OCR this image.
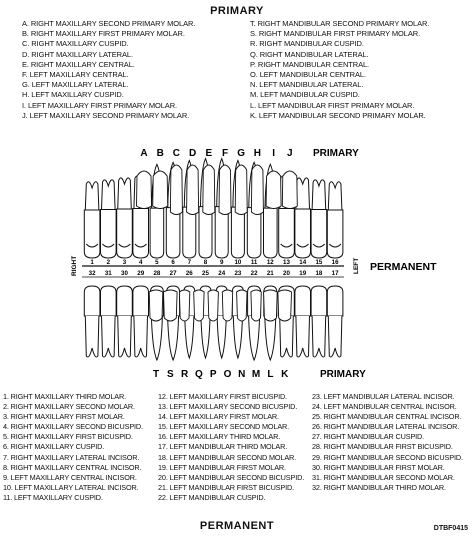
PRIMARY
A. RIGHT MAXILLARY SECOND PRIMARY MOLAR.
B. RIGHT MAXILLARY FIRST PRIMARY MOLAR.
C. RIGHT MAXILLARY CUSPID.
D. RIGHT MAXILLARY LATERAL.
E. RIGHT MAXILLARY CENTRAL.
F. LEFT MAXILLARY CENTRAL.
G. LEFT MAXILLARY LATERAL.
H. LEFT MAXILLARY CUSPID.
I. LEFT MAXILLARY FIRST PRIMARY MOLAR.
J. LEFT MAXILLARY SECOND PRIMARY MOLAR.
T. RIGHT MANDIBULAR SECOND PRIMARY MOLAR.
S. RIGHT MANDIBULAR FIRST PRIMARY MOLAR.
R. RIGHT MANDIBULAR CUSPID.
Q. RIGHT MANDIBULAR LATERAL.
P. RIGHT MANDIBULAR CENTRAL.
O. LEFT MANDIBULAR CENTRAL.
N. LEFT MANDIBULAR LATERAL.
M. LEFT MANDIBULAR CUSPID.
L. LEFT MANDIBULAR FIRST PRIMARY MOLAR.
K. LEFT MANDIBULAR SECOND PRIMARY MOLAR.
A B C D E F G H I J PRIMARY
RIGHT	LEFT
1 2 3 4 5 6 7 8 9 10 11 12 13 14 15 16
32 31 30 29 28 27 26 25 24 23 22 21 20 19 18 17
PERMANENT
T S R Q P O N M L K	PRIMARY
1. RIGHT MAXILLARY THIRD MOLAR.
2. RIGHT MAXILLARY SECOND MOLAR.
3. RIGHT MAXILLARY FIRST MOLAR.
4. RIGHT MAXILLARY SECOND BICUSPID.
5. RIGHT MAXILLARY FIRST BICUSPID.
6. RIGHT MAXILLARY CUSPID.
7. RIGHT MAXILLARY LATERAL INCISOR.
8. RIGHT MAXILLARY CENTRAL INCISOR.
9. LEFT MAXILLARY CENTRAL INCISOR.
10. LEFT MAXILLARY LATERAL INCISOR.
11. LEFT MAXILLARY CUSPID.
12. LEFT MAXILLARY FIRST BICUSPID.
13. LEFT MAXILLARY SECOND BICUSPID.
14. LEFT MAXILLARY FIRST MOLAR.
15. LEFT MAXILLARY SECOND MOLAR.
16. LEFT MAXILLARY THIRD MOLAR.
17. LEFT MANDIBULAR THIRD MOLAR.
18. LEFT MANDIBULAR SECOND MOLAR.
19. LEFT MANDIBULAR FIRST MOLAR.
20. LEFT MANDIBULAR SECOND BICUSPID.
21. LEFT MANDIBULAR FIRST BICUSPID.
22. LEFT MANDIBULAR CUSPID.
23. LEFT MANDIBULAR LATERAL INCISOR.
24. LEFT MANDIBULAR CENTRAL INCISOR.
25. RIGHT MANDIBULAR CENTRAL INCISOR.
26. RIGHT MANDIBULAR LATERAL INCISOR.
27. RIGHT MANDIBULAR CUSPID.
28. RIGHT MANDIBULAR FIRST BICUSPID.
29. RIGHT MANDIBULAR SECOND BICUSPID.
30. RIGHT MANDIBULAR FIRST MOLAR.
31. RIGHT MANDIBULAR SECOND MOLAR.
32. RIGHT MANDIBULAR THIRD MOLAR.
PERMANENT	DTBF0415
